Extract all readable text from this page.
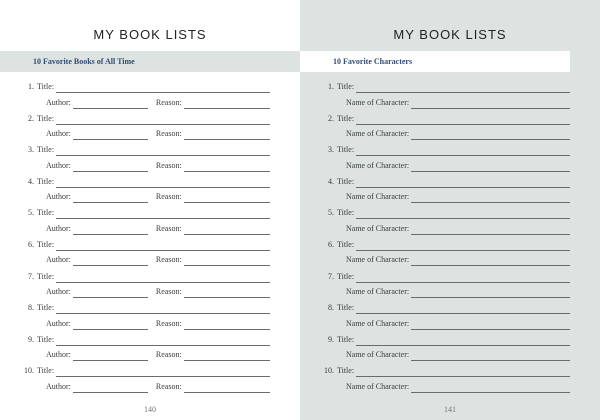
MY BOOK LISTS
10 Favorite Books of All Time
1. Title:
Author:	Reason:
2. Title:
Author:	Reason:
3. Title:
Author:	Reason:
4. Title:
Author:	Reason:
5. Title:
Author:	Reason:
6. Title:
Author:	Reason:
7. Title:
Author:	Reason:
8. Title:
Author:	Reason:
9. Title:
Author:	Reason:
10. Title:
Author:	Reason:
140
MY BOOK LISTS
10 Favorite Characters
1. Title:
Name of Character:
2. Title:
Name of Character:
3. Title:
Name of Character:
4. Title:
Name of Character:
5. Title:
Name of Character:
6. Title:
Name of Character:
7. Title:
Name of Character:
8. Title:
Name of Character:
9. Title:
Name of Character:
10. Title:
Name of Character:
141
